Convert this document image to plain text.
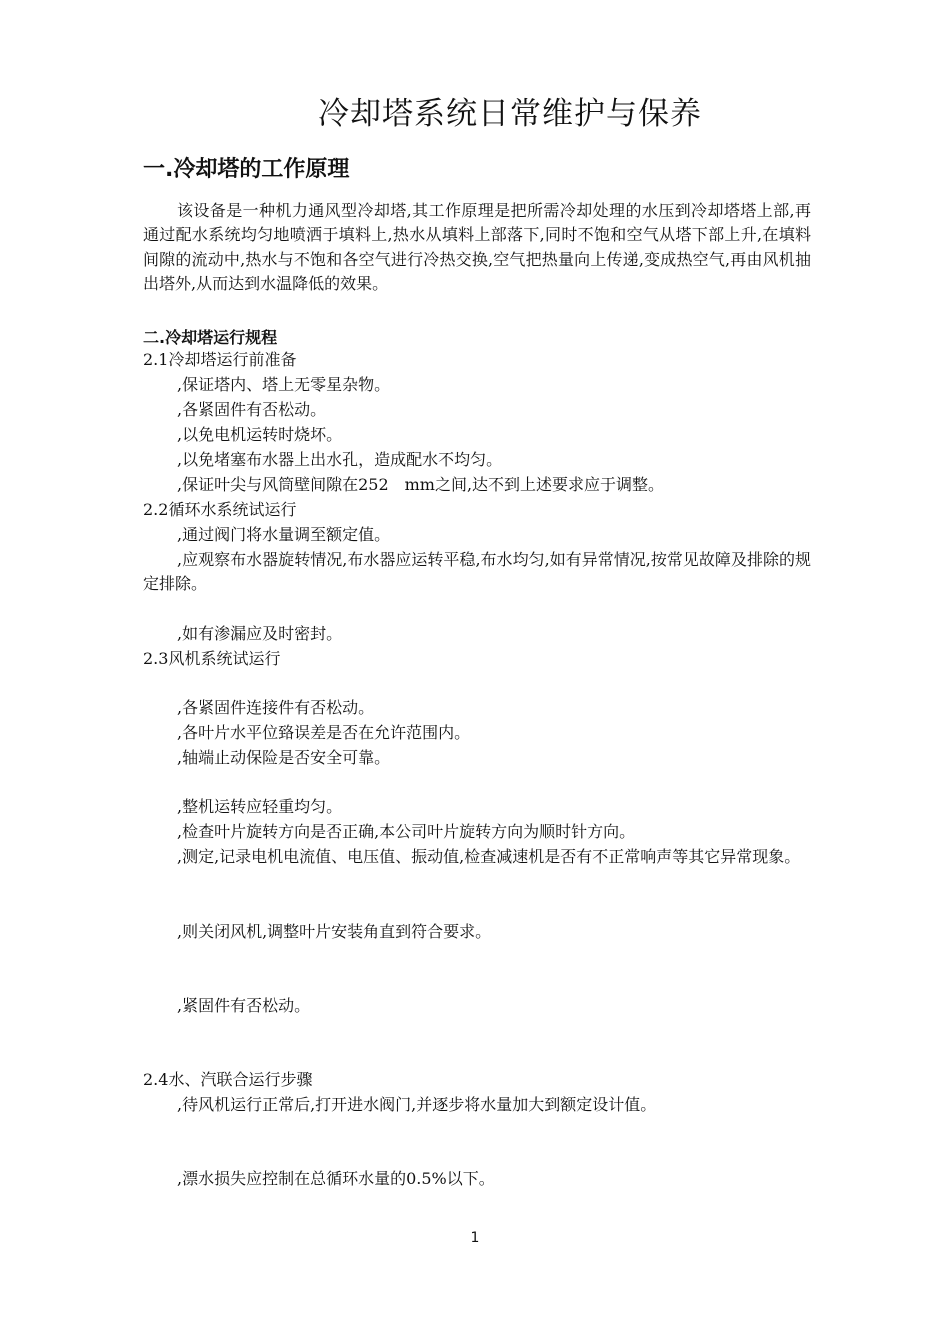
冷却塔系统日常维护与保养
一.冷却塔的工作原理
该设备是一种机力通风型冷却塔,其工作原理是把所需冷却处理的水压到冷却塔塔上部,再通过配水系统均匀地喷洒于填料上,热水从填料上部落下,同时不饱和空气从塔下部上升,在填料间隙的流动中,热水与不饱和各空气进行冷热交换,空气把热量向上传递,变成热空气,再由风机抽出塔外,从而达到水温降低的效果。
二.冷却塔运行规程
2.1冷却塔运行前准备
,保证塔内、塔上无零星杂物。
,各紧固件有否松动。
,以免电机运转时烧坏。
,以免堵塞布水器上出水孔，造成配水不均匀。
,保证叶尖与风筒壁间隙在252　mm之间,达不到上述要求应于调整。
2.2循环水系统试运行
,通过阀门将水量调至额定值。
,应观察布水器旋转情况,布水器应运转平稳,布水均匀,如有异常情况,按常见故障及排除的规定排除。
,如有渗漏应及时密封。
2.3风机系统试运行
,各紧固件连接件有否松动。
,各叶片水平位臵误差是否在允许范围内。
,轴端止动保险是否安全可靠。
,整机运转应轻重均匀。
,检查叶片旋转方向是否正确,本公司叶片旋转方向为顺时针方向。
,测定,记录电机电流值、电压值、振动值,检查减速机是否有不正常响声等其它异常现象。
,则关闭风机,调整叶片安装角直到符合要求。
,紧固件有否松动。
2.4水、汽联合运行步骤
,待风机运行正常后,打开进水阀门,并逐步将水量加大到额定设计值。
,漂水损失应控制在总循环水量的0.5%以下。
1
